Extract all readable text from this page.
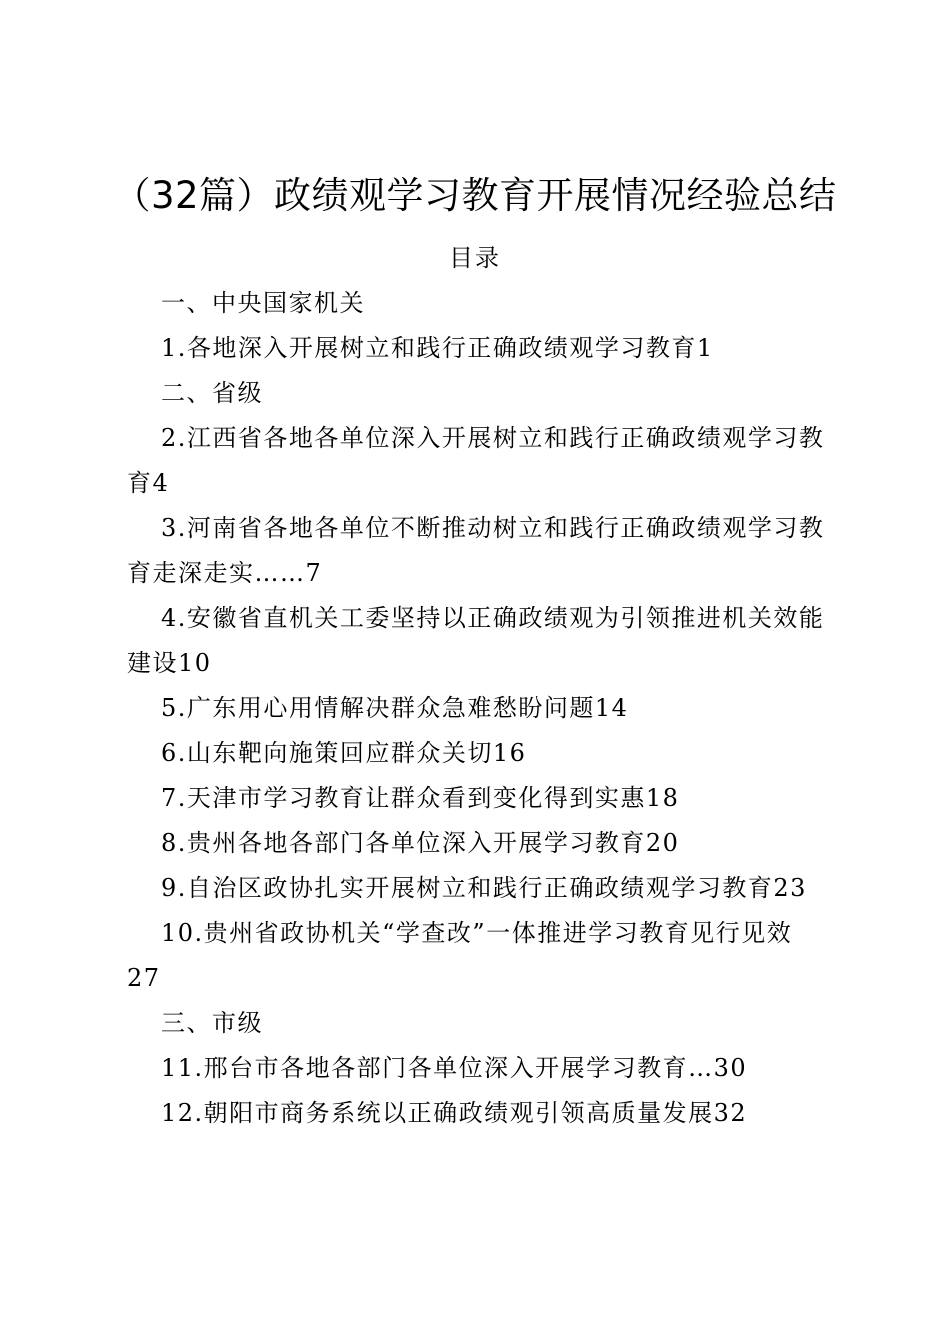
（32篇）政绩观学习教育开展情况经验总结
目录
一、中央国家机关
1.各地深入开展树立和践行正确政绩观学习教育1
二、省级
2.江西省各地各单位深入开展树立和践行正确政绩观学习教
育4
3.河南省各地各单位不断推动树立和践行正确政绩观学习教
育走深走实……7
4.安徽省直机关工委坚持以正确政绩观为引领推进机关效能
建设10
5.广东用心用情解决群众急难愁盼问题14
6.山东靶向施策回应群众关切16
7.天津市学习教育让群众看到变化得到实惠18
8.贵州各地各部门各单位深入开展学习教育20
9.自治区政协扎实开展树立和践行正确政绩观学习教育23
10.贵州省政协机关“学查改”一体推进学习教育见行见效
27
三、市级
11.邢台市各地各部门各单位深入开展学习教育…30
12.朝阳市商务系统以正确政绩观引领高质量发展32
